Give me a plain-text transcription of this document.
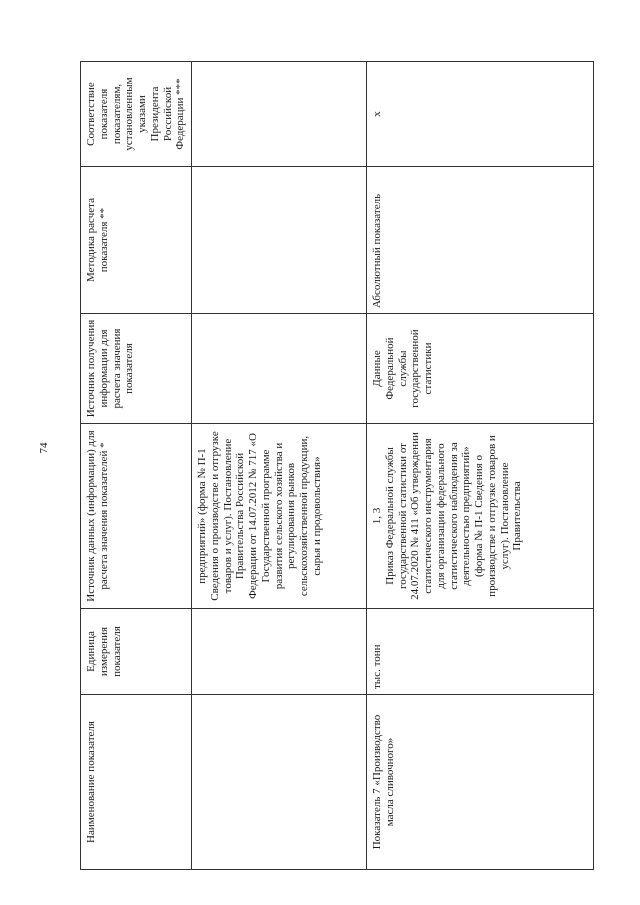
74
Наименование показателя	Единица измерения показателя	Источник данных (информации) для расчета значения показателей *	Источник получения информации для расчета значения показателя	Методика расчета показателя **	Соответствие показателя показателям, установленным указами Президента Российской Федерации ***
		предприятий» (форма № П-1 Сведения о производстве и отгрузке товаров и услуг). Постановление Правительства Российской Федерации от 14.07.2012 № 717 «О Государственной программе развития сельского хозяйства и регулирования рынков сельскохозяйственной продукции, сырья и продовольствия»			
Показатель 7 «Производство масла сливочного»	тыс. тонн	1, 3 Приказ Федеральной службы государственной статистики от 24.07.2020 № 411 «Об утверждении статистического инструментария для организации федерального статистического наблюдения за деятельностью предприятий» (форма № П-1 Сведения о производстве и отгрузке товаров и услуг). Постановление Правительства	Данные Федеральной службы государственной статистики	Абсолютный показатель	х
